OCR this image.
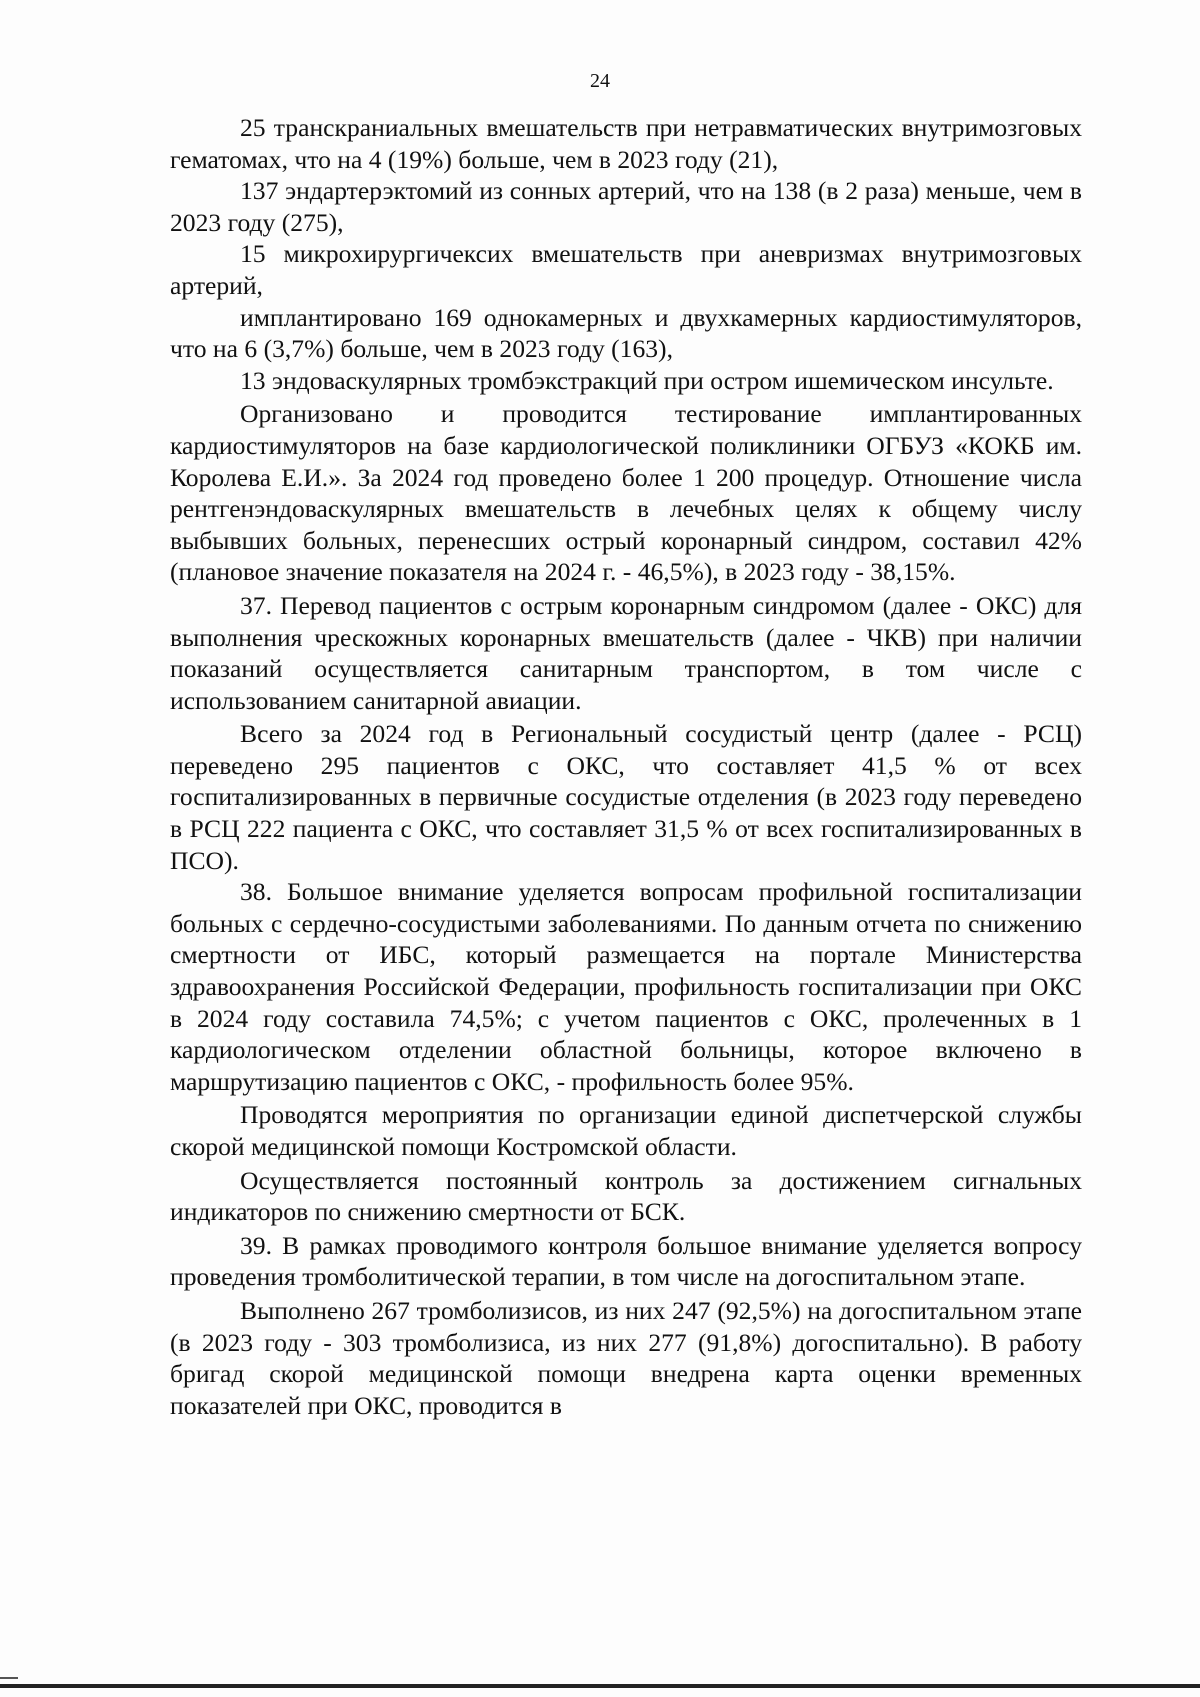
24

25 транскраниальных вмешательств при нетравматических внутримозговых гематомах, что на 4 (19%) больше, чем в 2023 году (21),

137 эндартерэктомий из сонных артерий, что на 138 (в 2 раза) меньше, чем в 2023 году (275),

15 микрохирургичексих вмешательств при аневризмах внутримозговых артерий,

имплантировано 169 однокамерных и двухкамерных кардиостимуляторов, что на 6 (3,7%) больше, чем в 2023 году (163),

13 эндоваскулярных тромбэкстракций при остром ишемическом инсульте.

Организовано и проводится тестирование имплантированных кардиостимуляторов на базе кардиологической поликлиники ОГБУЗ «КОКБ им. Королева Е.И.». За 2024 год проведено более 1 200 процедур. Отношение числа рентгенэндоваскулярных вмешательств в лечебных целях к общему числу выбывших больных, перенесших острый коронарный синдром, составил 42% (плановое значение показателя на 2024 г. - 46,5%), в 2023 году - 38,15%.

37. Перевод пациентов с острым коронарным синдромом (далее - ОКС) для выполнения чрескожных коронарных вмешательств (далее - ЧКВ) при наличии показаний осуществляется санитарным транспортом, в том числе с использованием санитарной авиации.

Всего за 2024 год в Региональный сосудистый центр (далее - РСЦ) переведено 295 пациентов с ОКС, что составляет 41,5 % от всех госпитализированных в первичные сосудистые отделения (в 2023 году переведено в РСЦ 222 пациента с ОКС, что составляет 31,5 % от всех госпитализированных в ПСО).

38. Большое внимание уделяется вопросам профильной госпитализации больных с сердечно-сосудистыми заболеваниями. По данным отчета по снижению смертности от ИБС, который размещается на портале Министерства здравоохранения Российской Федерации, профильность госпитализации при ОКС в 2024 году составила 74,5%; с учетом пациентов с ОКС, пролеченных в 1 кардиологическом отделении областной больницы, которое включено в маршрутизацию пациентов с ОКС, - профильность более 95%.

Проводятся мероприятия по организации единой диспетчерской службы скорой медицинской помощи Костромской области.

Осуществляется постоянный контроль за достижением сигнальных индикаторов по снижению смертности от БСК.

39. В рамках проводимого контроля большое внимание уделяется вопросу проведения тромболитической терапии, в том числе на догоспитальном этапе.

Выполнено 267 тромболизисов, из них 247 (92,5%) на догоспитальном этапе (в 2023 году - 303 тромболизиса, из них 277 (91,8%) догоспитально). В работу бригад скорой медицинской помощи внедрена карта оценки временных показателей при ОКС, проводится в
